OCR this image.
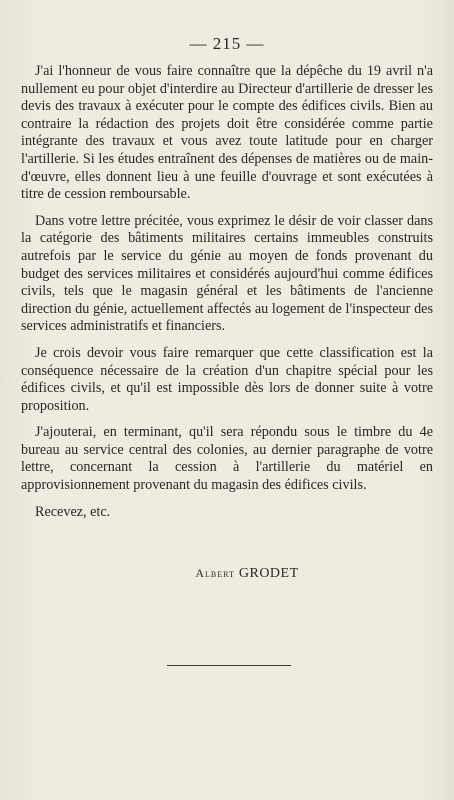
— 215 —

J'ai l'honneur de vous faire connaître que la dépêche du 19 avril n'a nullement eu pour objet d'interdire au Directeur d'artillerie de dresser les devis des travaux à exécuter pour le compte des édifices civils. Bien au contraire la rédaction des projets doit être considérée comme partie intégrante des travaux et vous avez toute latitude pour en charger l'artillerie. Si les études entraînent des dépenses de matières ou de main-d'œuvre, elles donnent lieu à une feuille d'ouvrage et sont exécutées à titre de cession remboursable.

Dans votre lettre précitée, vous exprimez le désir de voir classer dans la catégorie des bâtiments militaires certains immeubles construits autrefois par le service du génie au moyen de fonds provenant du budget des services militaires et considérés aujourd'hui comme édifices civils, tels que le magasin général et les bâtiments de l'ancienne direction du génie, actuellement affectés au logement de l'inspecteur des services administratifs et financiers.

Je crois devoir vous faire remarquer que cette classification est la conséquence nécessaire de la création d'un chapitre spécial pour les édifices civils, et qu'il est impossible dès lors de donner suite à votre proposition.

J'ajouterai, en terminant, qu'il sera répondu sous le timbre du 4e bureau au service central des colonies, au dernier paragraphe de votre lettre, concernant la cession à l'artillerie du matériel en approvisionnement provenant du magasin des édifices civils.

Recevez, etc.

Albert GRODET
